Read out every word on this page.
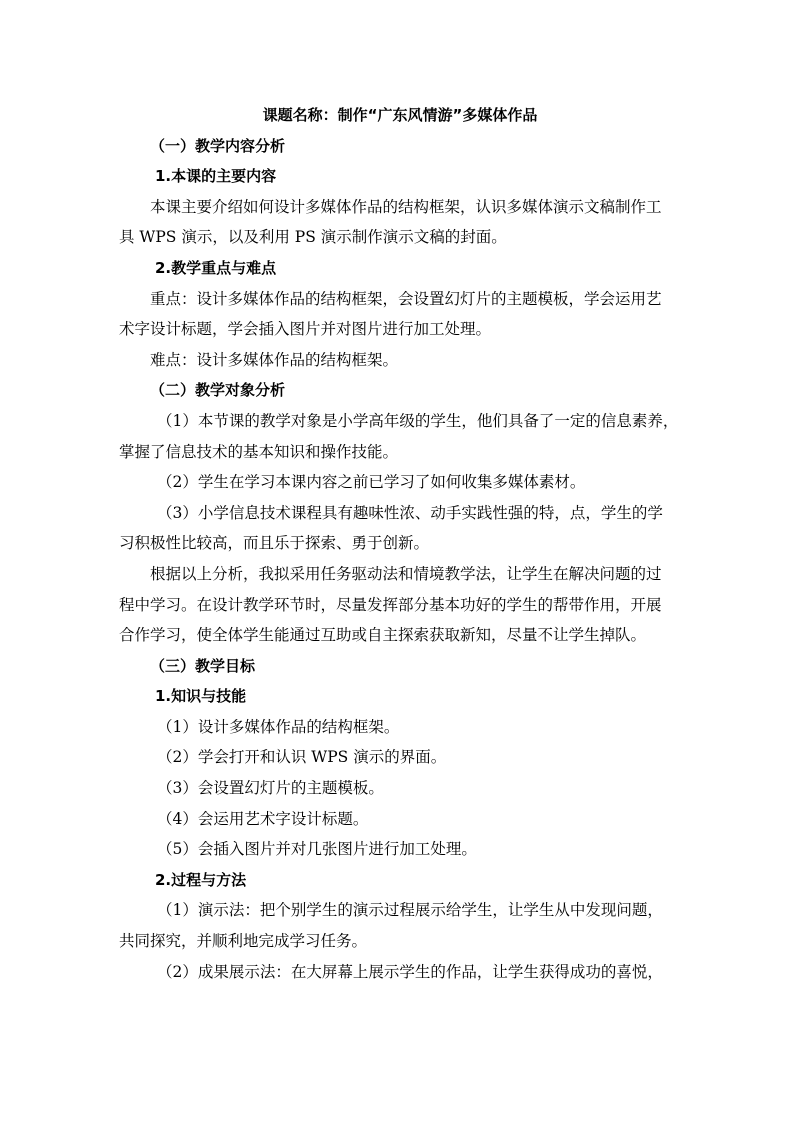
课题名称：制作“广东风情游”多媒体作品
（一）教学内容分析
1.本课的主要内容
本课主要介绍如何设计多媒体作品的结构框架，认识多媒体演示文稿制作工
具 WPS 演示，以及利用 PS 演示制作演示文稿的封面。
2.教学重点与难点
重点：设计多媒体作品的结构框架，会设置幻灯片的主题模板，学会运用艺
术字设计标题，学会插入图片并对图片进行加工处理。
难点：设计多媒体作品的结构框架。
（二）教学对象分析
（1）本节课的教学对象是小学高年级的学生，他们具备了一定的信息素养，
掌握了信息技术的基本知识和操作技能。
（2）学生在学习本课内容之前已学习了如何收集多媒体素材。
（3）小学信息技术课程具有趣味性浓、动手实践性强的特，点，学生的学
习积极性比较高，而且乐于探索、勇于创新。
根据以上分析，我拟采用任务驱动法和情境教学法，让学生在解决问题的过
程中学习。在设计教学环节时，尽量发挥部分基本功好的学生的帮带作用，开展
合作学习，使全体学生能通过互助或自主探索获取新知，尽量不让学生掉队。
（三）教学目标
1.知识与技能
（1）设计多媒体作品的结构框架。
（2）学会打开和认识 WPS 演示的界面。
（3）会设置幻灯片的主题模板。
（4）会运用艺术字设计标题。
（5）会插入图片并对几张图片进行加工处理。
2.过程与方法
（1）演示法：把个别学生的演示过程展示给学生，让学生从中发现问题，
共同探究，并顺利地完成学习任务。
（2）成果展示法：在大屏幕上展示学生的作品，让学生获得成功的喜悦，
